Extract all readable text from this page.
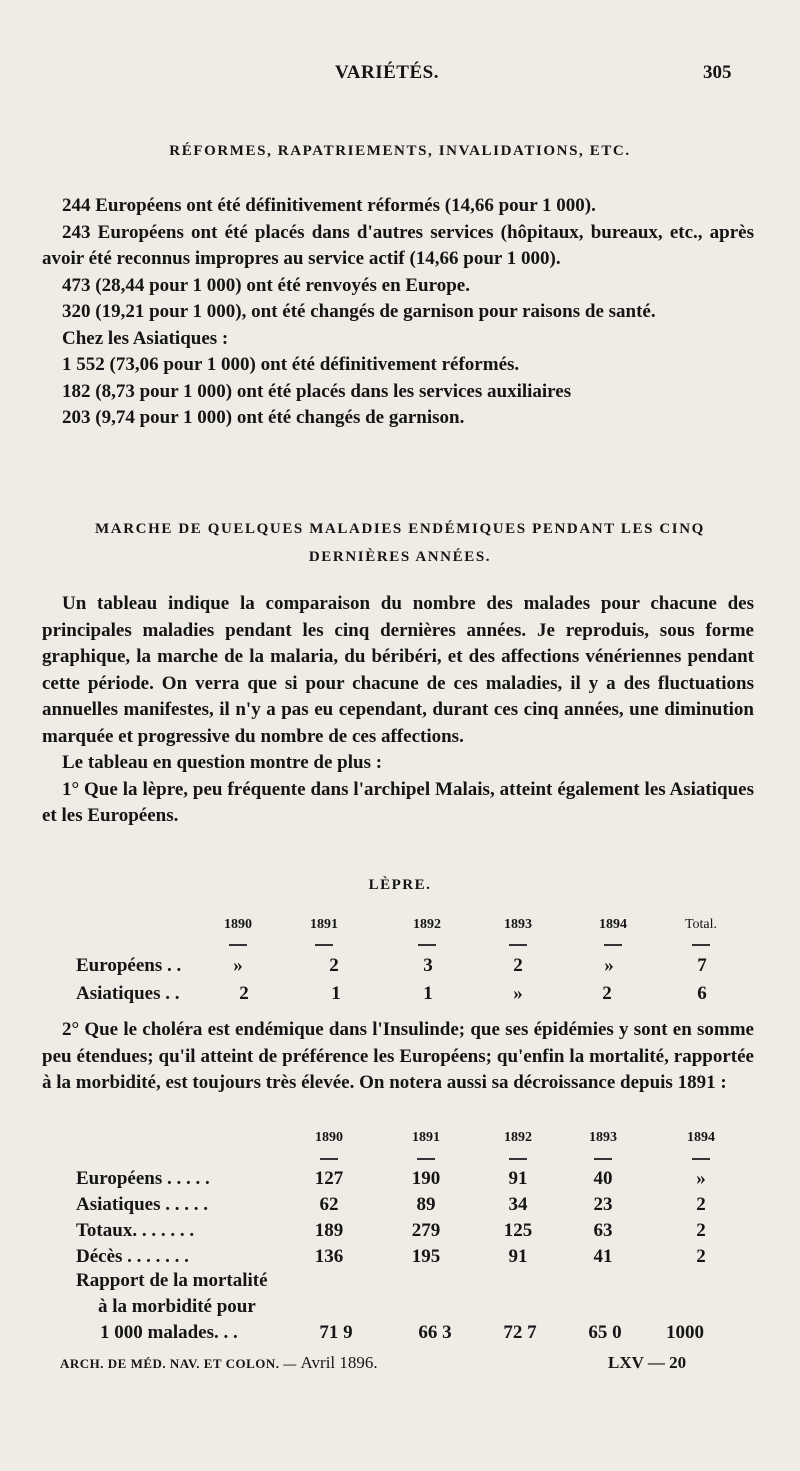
VARIÉTÉS.	305
RÉFORMES, RAPATRIEMENTS, INVALIDATIONS, ETC.

244 Européens ont été définitivement réformés (14,66 pour 1 000).

243 Européens ont été placés dans d'autres services (hôpitaux, bureaux, etc., après avoir été reconnus impropres au service actif (14,66 pour 1 000).

473 (28,44 pour 1 000) ont été renvoyés en Europe.

320 (19,21 pour 1 000), ont été changés de garnison pour raisons de santé.

Chez les Asiatiques :

1 552 (73,06 pour 1 000) ont été définitivement réformés.

182 (8,73 pour 1 000) ont été placés dans les services auxiliaires

203 (9,74 pour 1 000) ont été changés de garnison.

MARCHE DE QUELQUES MALADIES ENDÉMIQUES PENDANT LES CINQ
DERNIÈRES ANNÉES.

Un tableau indique la comparaison du nombre des malades pour chacune des principales maladies pendant les cinq dernières années. Je reproduis, sous forme graphique, la marche de la malaria, du béribéri, et des affections vénériennes pendant cette période. On verra que si pour chacune de ces maladies, il y a des fluctuations annuelles manifestes, il n'y a pas eu cependant, durant ces cinq années, une diminution marquée et progressive du nombre de ces affections.

Le tableau en question montre de plus :

1° Que la lèpre, peu fréquente dans l'archipel Malais, atteint également les Asiatiques et les Européens.

LÈPRE.
1890	1891	1892	1893	1894	Total.
Européens . .	»	2	3	2	»	7
Asiatiques . .	2	1	1	»	2	6

2° Que le choléra est endémique dans l'Insulinde; que ses épidémies y sont en somme peu étendues; qu'il atteint de préférence les Européens; qu'enfin la mortalité, rapportée à la morbidité, est toujours très élevée. On notera aussi sa décroissance depuis 1891 :

1890	1891	1892	1893	1894
Européens . . . . .	127	190	91	40	»
Asiatiques . . . . .	62	89	34	23	2
Totaux. . . . . . .	189	279	125	63	2
Décès . . . . . . .	136	195	91	41	2
Rapport de la mortalité
à la morbidité pour
1 000 malades. . .	71 9	66 3	72 7	65 0	1000
ARCH. DE MÉD. NAV. ET COLON. — Avril 1896.	LXV — 20
